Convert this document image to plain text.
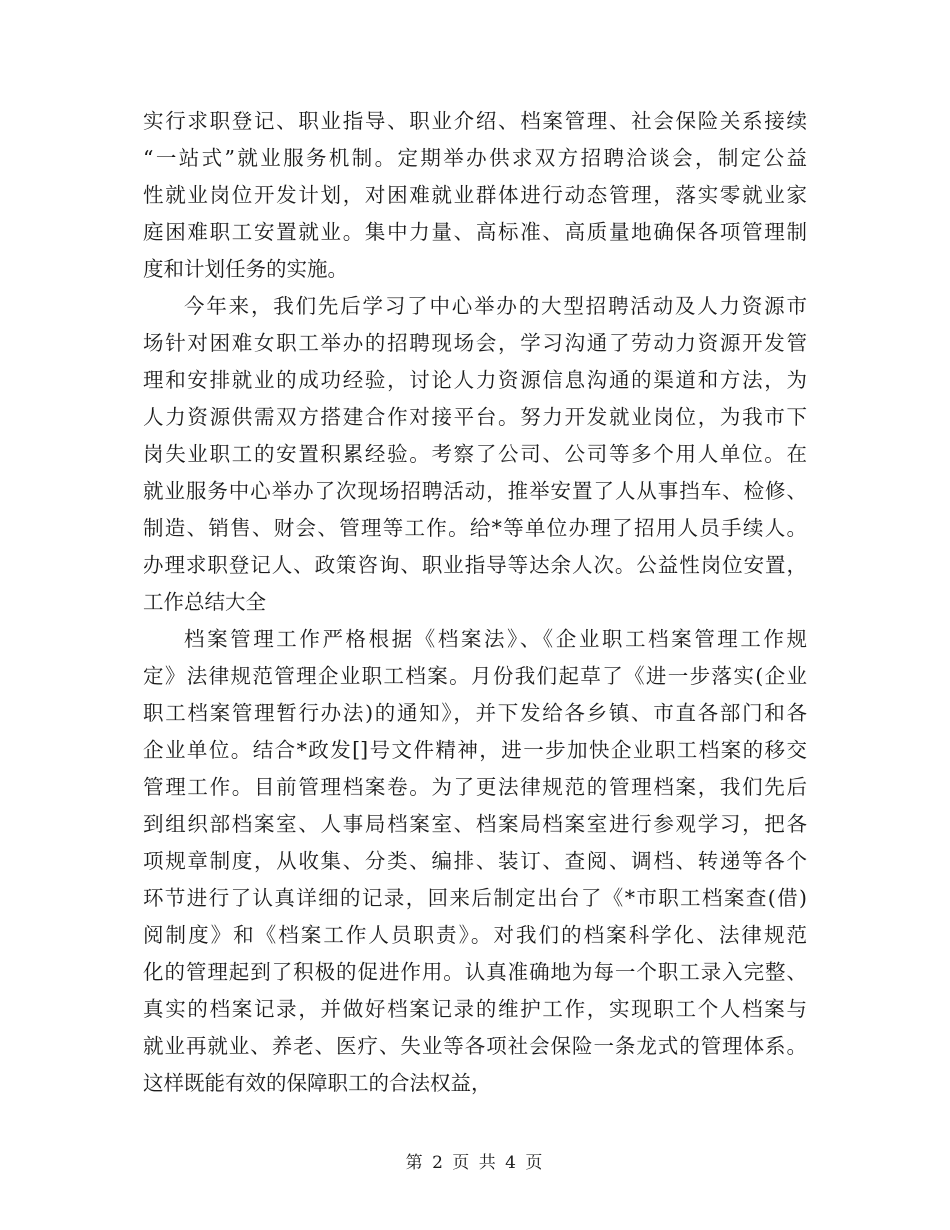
实行求职登记、职业指导、职业介绍、档案管理、社会保险关系接续
“一站式”就业服务机制。定期举办供求双方招聘洽谈会，制定公益
性就业岗位开发计划，对困难就业群体进行动态管理，落实零就业家
庭困难职工安置就业。集中力量、高标准、高质量地确保各项管理制
度和计划任务的实施。
今年来，我们先后学习了中心举办的大型招聘活动及人力资源市
场针对困难女职工举办的招聘现场会，学习沟通了劳动力资源开发管
理和安排就业的成功经验，讨论人力资源信息沟通的渠道和方法，为
人力资源供需双方搭建合作对接平台。努力开发就业岗位，为我市下
岗失业职工的安置积累经验。考察了公司、公司等多个用人单位。在
就业服务中心举办了次现场招聘活动，推举安置了人从事挡车、检修、
制造、销售、财会、管理等工作。给*等单位办理了招用人员手续人。
办理求职登记人、政策咨询、职业指导等达余人次。公益性岗位安置，
工作总结大全
档案管理工作严格根据《档案法》、《企业职工档案管理工作规
定》法律规范管理企业职工档案。月份我们起草了《进一步落实(企业
职工档案管理暂行办法)的通知》，并下发给各乡镇、市直各部门和各
企业单位。结合*政发[]号文件精神，进一步加快企业职工档案的移交
管理工作。目前管理档案卷。为了更法律规范的管理档案，我们先后
到组织部档案室、人事局档案室、档案局档案室进行参观学习，把各
项规章制度，从收集、分类、编排、装订、查阅、调档、转递等各个
环节进行了认真详细的记录，回来后制定出台了《*市职工档案查(借)
阅制度》和《档案工作人员职责》。对我们的档案科学化、法律规范
化的管理起到了积极的促进作用。认真准确地为每一个职工录入完整、
真实的档案记录，并做好档案记录的维护工作，实现职工个人档案与
就业再就业、养老、医疗、失业等各项社会保险一条龙式的管理体系。
这样既能有效的保障职工的合法权益，
第 2 页 共 4 页
